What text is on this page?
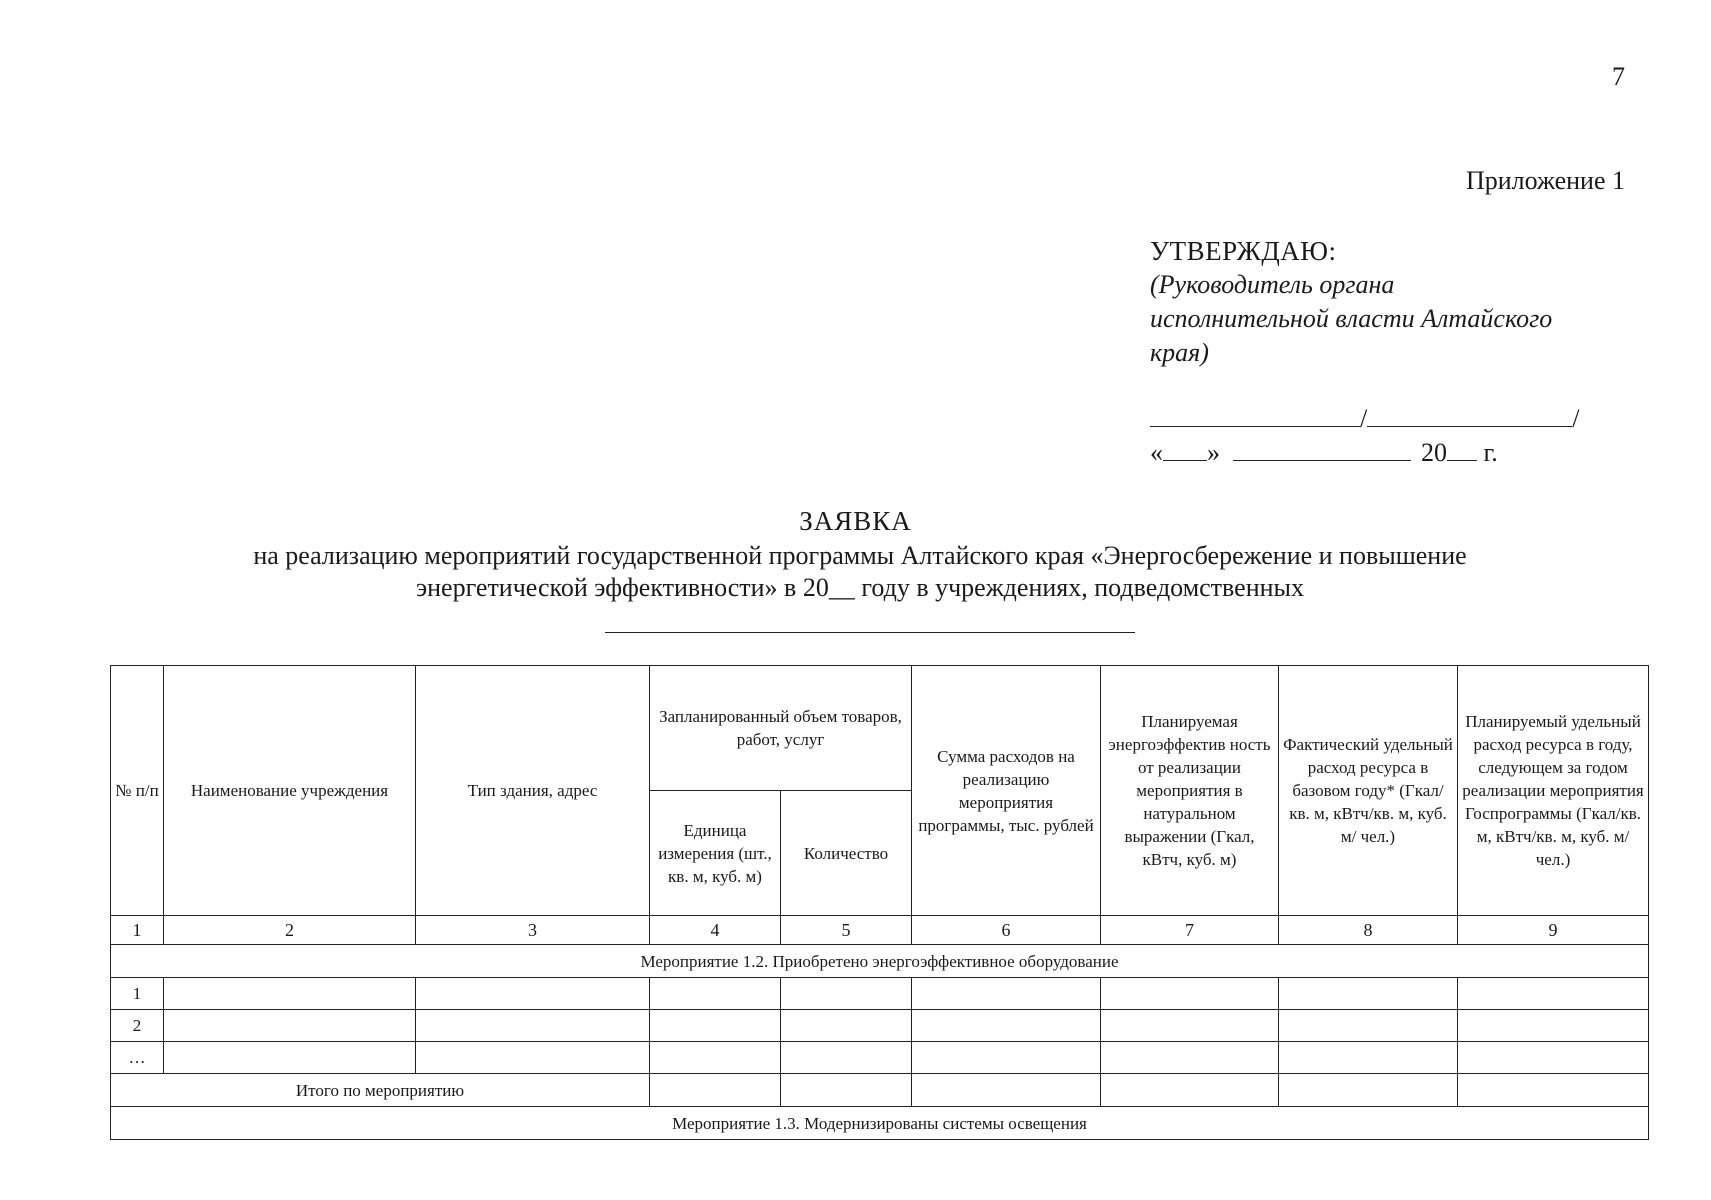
7
Приложение 1
УТВЕРЖДАЮ:
(Руководитель органа
исполнительной власти Алтайского
края)
/	/
« »	20 г.
ЗАЯВКА
на реализацию мероприятий государственной программы Алтайского края «Энергосбережение и повышение
энергетической эффективности» в 20__ году в учреждениях, подведомственных
№ п/п	Наименование учреждения	Тип здания, адрес	Запланированный объем товаров, работ, услуг		Сумма расходов на реализацию мероприятия программы, тыс. рублей	Планируемая энергоэффектив ность от реализации мероприятия в натуральном выражении (Гкал, кВтч, куб. м)	Фактический удельный расход ресурса в базовом году* (Гкал/кв. м, кВтч/кв. м, куб. м/ чел.)	Планируемый удельный расход ресурса в году, следующем за годом реализации мероприятия Госпрограммы (Гкал/кв. м, кВтч/кв. м, куб. м/ чел.)
			Единица измерения (шт., кв. м, куб. м)	Количество				
1	2	3	4	5	6	7	8	9
Мероприятие 1.2. Приобретено энергоэффективное оборудование								
1								
2								
…								
Итого по мероприятию								
Мероприятие 1.3. Модернизированы системы освещения								
